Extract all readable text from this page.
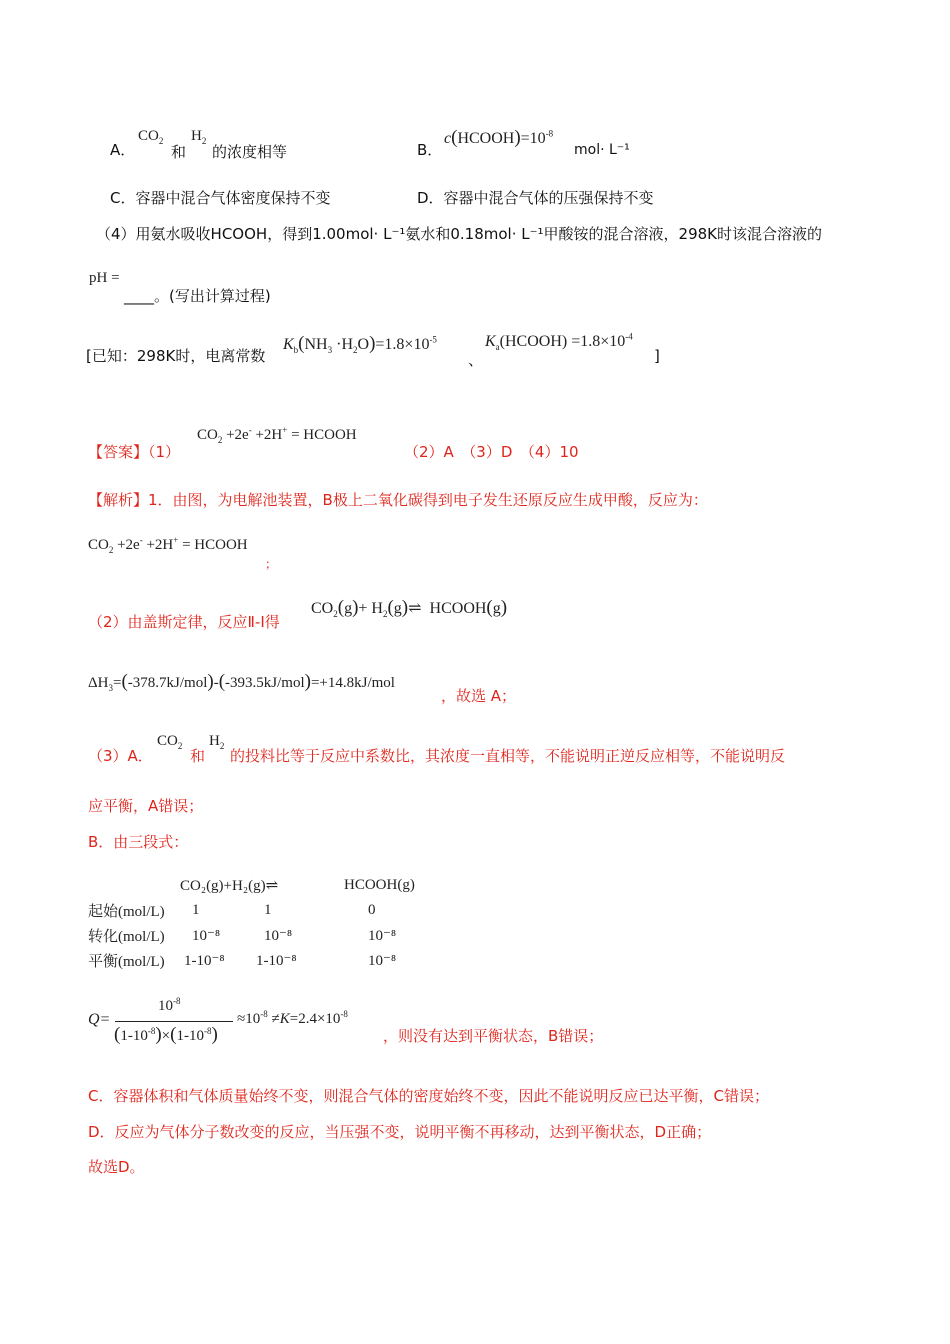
A．
$CO_2$
和
$H_2$
的浓度相等	B．
$c(HCOOH)=10^{-8}$
mol· L⁻¹
C．容器中混合气体密度保持不变	D．容器中混合气体的压强保持不变
（4）用氨水吸收HCOOH，得到1.00mol· L⁻¹氨水和0.18mol· L⁻¹甲酸铵的混合溶液，298K时该混合溶液的
pH =
____。(写出计算过程)
[已知：298K时，电离常数
$K_b(NH_3 \cdot H_2O)=1.8\times 10^{-5}$
、
$K_a(HCOOH) =1.8\times 10^{-4}$
]
【答案】（1）
$CO_2 +2e^- +2H^+$ = HCOOH
（2）A　（3）D　（4）10
【解析】1．由图，为电解池装置，B极上二氧化碳得到电子发生还原反应生成甲酸，反应为：
$CO_2 +2e^- +2H^+$ = HCOOH
；
（2）由盖斯定律，反应Ⅱ-Ⅰ得
$CO_2(g)+$ $H_2(g)\rightleftharpoons$  HCOOH(g)
$\Delta H_3=(-378.7kJ/mol)-(-393.5kJ/mol)=+14.8kJ$/mol
，故选 A；
（3）A．
$CO_2$
和
$H_2$
的投料比等于反应中系数比，其浓度一直相等，不能说明正逆反应相等，不能说明反
应平衡，A错误；
B．由三段式：
	CO₂(g)+H₂(g)⇌		HCOOH(g)
起始(mol/L)	1	1	0
转化(mol/L)	10⁻⁸	10⁻⁸	10⁻⁸
平衡(mol/L)	1-10⁻⁸	1-10⁻⁸	10⁻⁸
Q=
$10^{-8}$
$(1-10^{-8})\times(1-10^{-8})$
$\approx 10^{-8} \ne K=2.4\times 10^{-8}$
，则没有达到平衡状态，B错误；
C．容器体积和气体质量始终不变，则混合气体的密度始终不变，因此不能说明反应已达平衡，C错误；
D．反应为气体分子数改变的反应，当压强不变，说明平衡不再移动，达到平衡状态，D正确；
故选D。
